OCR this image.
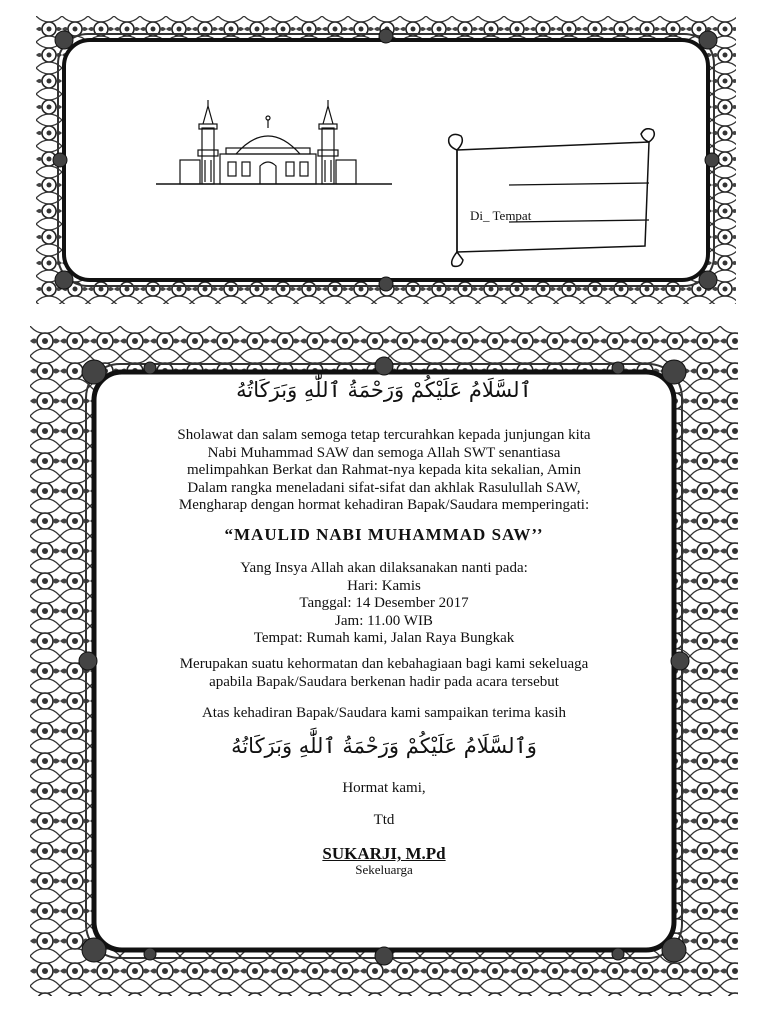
Di_ Tempat
ٱلسَّلَامُ عَلَيْكُمْ وَرَحْمَةُ ٱللَّٰهِ وَبَرَكَاتُهُ
Sholawat dan salam semoga tetap tercurahkan kepada junjungan kita
Nabi Muhammad SAW dan semoga Allah SWT senantiasa
melimpahkan Berkat dan Rahmat-nya kepada kita sekalian, Amin
Dalam rangka meneladani sifat-sifat dan akhlak Rasulullah SAW,
Mengharap dengan hormat kehadiran Bapak/Saudara memperingati:
“MAULID NABI MUHAMMAD SAW’’
Yang Insya Allah akan dilaksanakan nanti pada:
Hari: Kamis
Tanggal: 14 Desember 2017
Jam: 11.00 WIB
Tempat: Rumah kami, Jalan Raya Bungkak
Merupakan suatu kehormatan dan kebahagiaan bagi kami sekeluaga
apabila Bapak/Saudara berkenan hadir pada acara tersebut
Atas kehadiran Bapak/Saudara kami sampaikan terima kasih
وَٱلسَّلَامُ عَلَيْكُمْ وَرَحْمَةُ ٱللَّٰهِ وَبَرَكَاتُهُ
Hormat kami,
Ttd
SUKARJI, M.Pd
Sekeluarga
